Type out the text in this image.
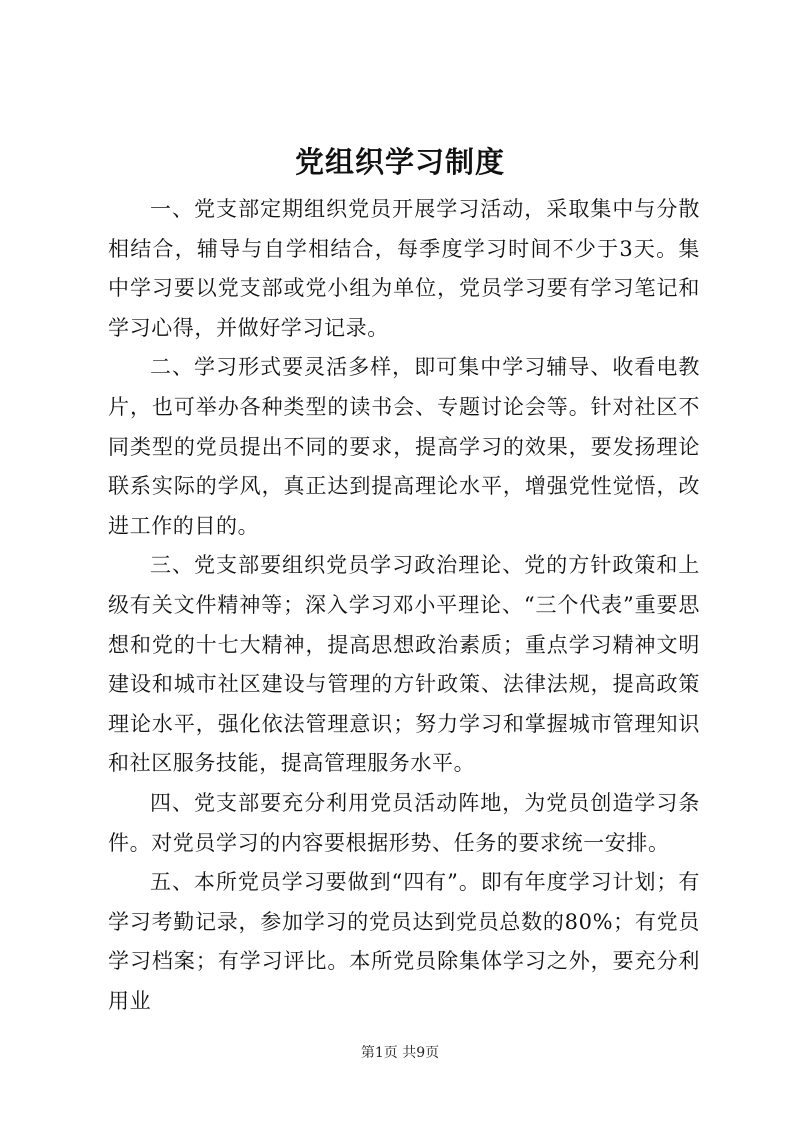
党组织学习制度

一、党支部定期组织党员开展学习活动，采取集中与分散相结合，辅导与自学相结合，每季度学习时间不少于3天。集中学习要以党支部或党小组为单位，党员学习要有学习笔记和学习心得，并做好学习记录。

二、学习形式要灵活多样，即可集中学习辅导、收看电教片，也可举办各种类型的读书会、专题讨论会等。针对社区不同类型的党员提出不同的要求，提高学习的效果，要发扬理论联系实际的学风，真正达到提高理论水平，增强党性觉悟，改进工作的目的。

三、党支部要组织党员学习政治理论、党的方针政策和上级有关文件精神等；深入学习邓小平理论、“三个代表”重要思想和党的十七大精神，提高思想政治素质；重点学习精神文明建设和城市社区建设与管理的方针政策、法律法规，提高政策理论水平，强化依法管理意识；努力学习和掌握城市管理知识和社区服务技能，提高管理服务水平。

四、党支部要充分利用党员活动阵地，为党员创造学习条件。对党员学习的内容要根据形势、任务的要求统一安排。

五、本所党员学习要做到“四有”。即有年度学习计划；有学习考勤记录，参加学习的党员达到党员总数的80%；有党员学习档案；有学习评比。本所党员除集体学习之外，要充分利用业

第1页 共9页
